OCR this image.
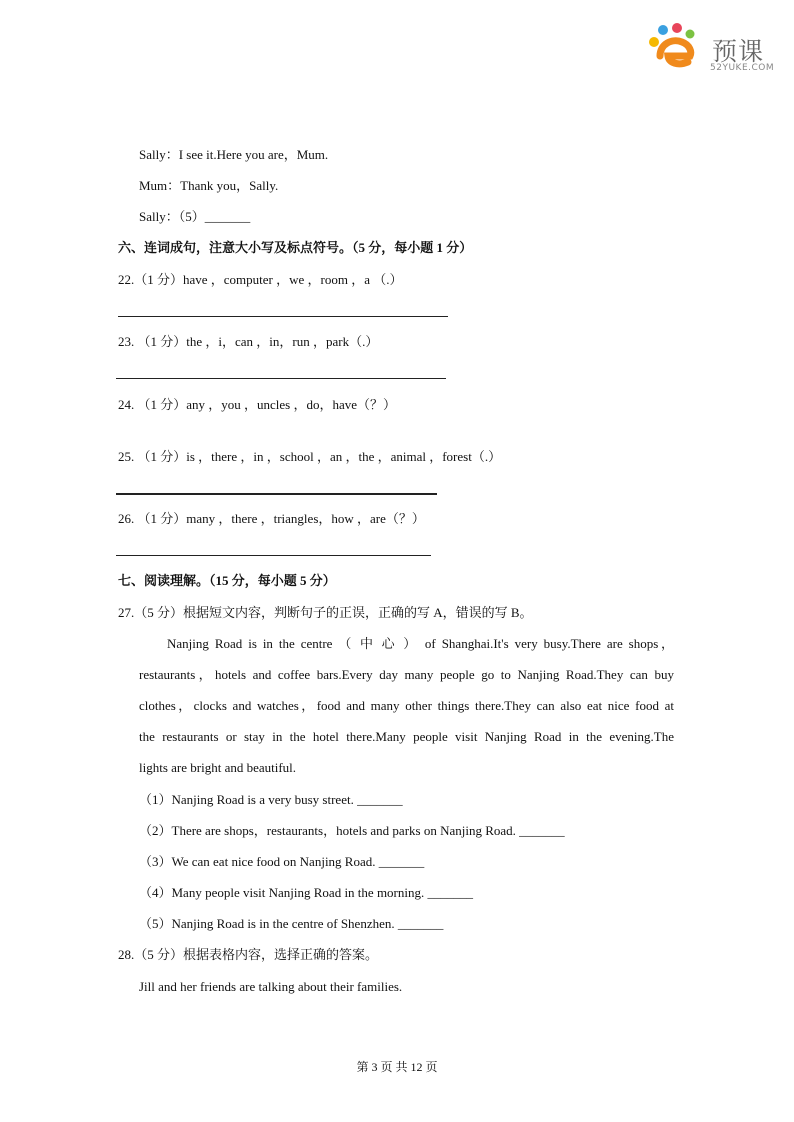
预课
52YUKE.COM
Sally：I see it.Here you are，Mum.
Mum：Thank you，Sally.
Sally：（5）_______
六、连词成句，注意大小写及标点符号。（5 分，每小题 1 分）
22.（1 分）have ，computer ，we ，room ，a （.）
23. （1 分）the ，i，can ，in，run ，park（.）
24. （1 分）any ，you ，uncles ，do，have（？）
25. （1 分）is ，there ，in ，school ，an ，the ，animal ，forest（.）
26. （1 分）many ，there ，triangles，how ，are（？）
七、阅读理解。（15 分，每小题 5 分）
27.（5 分）根据短文内容，判断句子的正误，正确的写 A，错误的写 B。
Nanjing Road is in the centre （ 中 心 ） of Shanghai.It's very busy.There are shops，
restaurants，hotels and coffee bars.Every day many people go to Nanjing Road.They can buy
clothes，clocks and watches，food and many other things there.They can also eat nice food at
the restaurants or stay in the hotel there.Many people visit Nanjing Road in the evening.The
lights are bright and beautiful.
（1）Nanjing Road is a very busy street. _______
（2）There are shops，restaurants，hotels and parks on Nanjing Road. _______
（3）We can eat nice food on Nanjing Road. _______
（4）Many people visit Nanjing Road in the morning. _______
（5）Nanjing Road is in the centre of Shenzhen. _______
28.（5 分）根据表格内容，选择正确的答案。
Jill and her friends are talking about their families.
第 3 页 共 12 页
